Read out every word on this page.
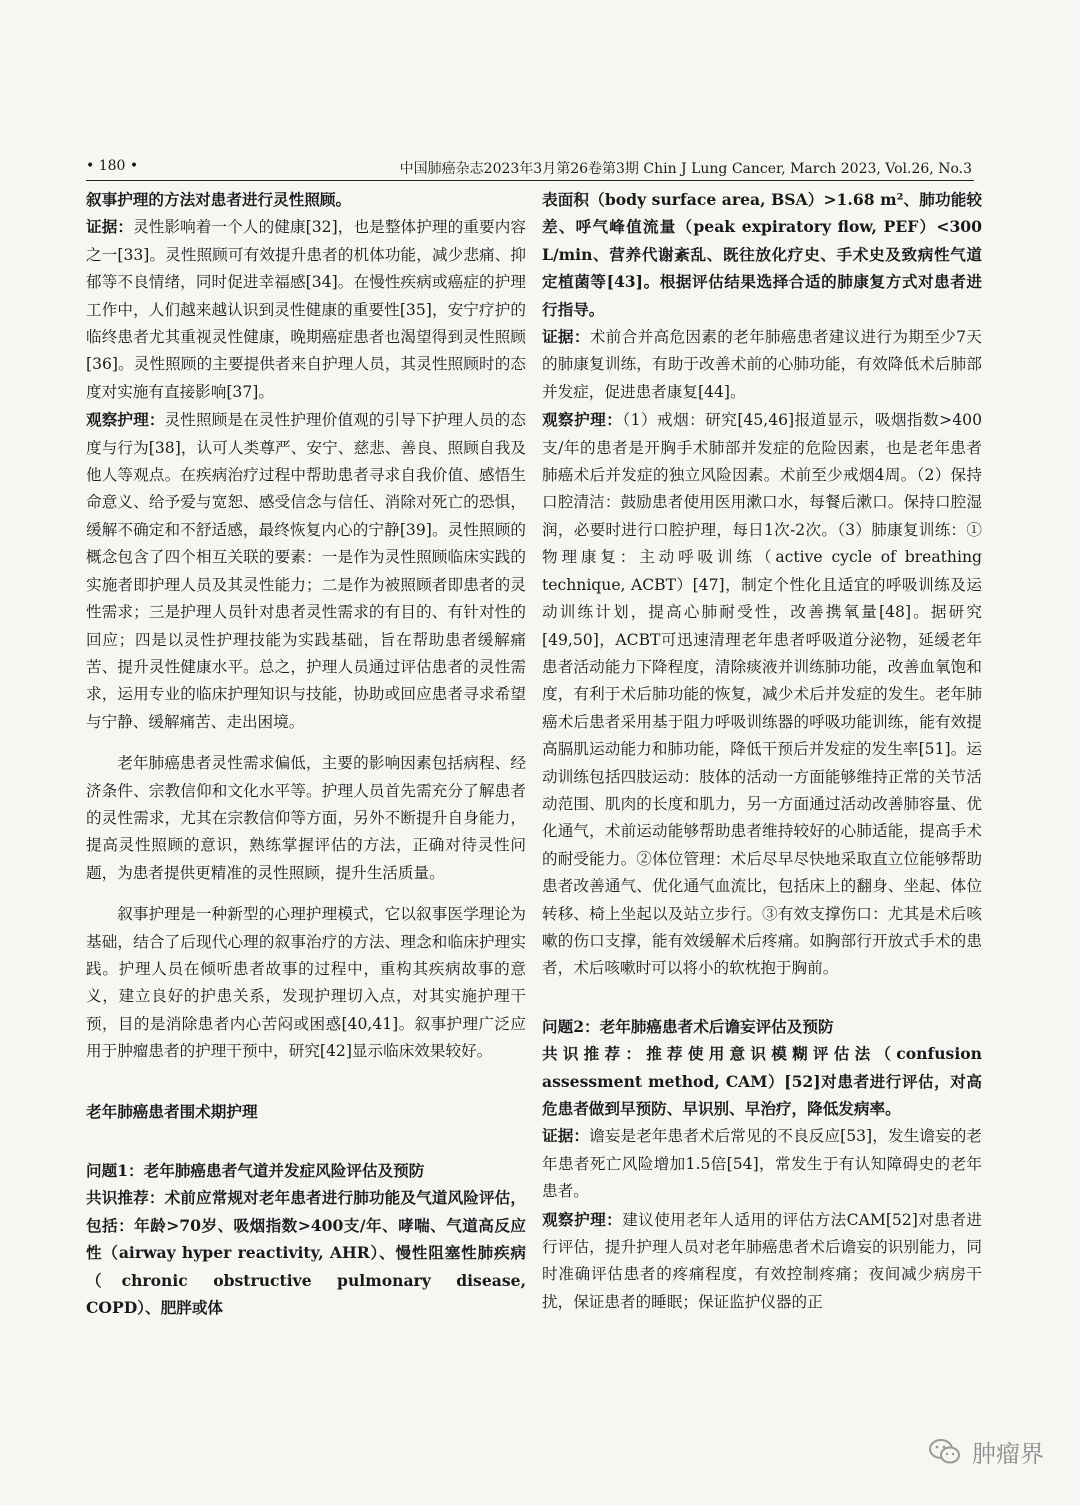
• 180 •	中国肺癌杂志2023年3月第26卷第3期 Chin J Lung Cancer, March 2023, Vol.26, No.3

叙事护理的方法对患者进行灵性照顾。

证据：灵性影响着一个人的健康[32]，也是整体护理的重要内容之一[33]。灵性照顾可有效提升患者的机体功能，减少悲痛、抑郁等不良情绪，同时促进幸福感[34]。在慢性疾病或癌症的护理工作中，人们越来越认识到灵性健康的重要性[35]，安宁疗护的临终患者尤其重视灵性健康，晚期癌症患者也渴望得到灵性照顾[36]。灵性照顾的主要提供者来自护理人员，其灵性照顾时的态度对实施有直接影响[37]。

观察护理：灵性照顾是在灵性护理价值观的引导下护理人员的态度与行为[38]，认可人类尊严、安宁、慈悲、善良、照顾自我及他人等观点。在疾病治疗过程中帮助患者寻求自我价值、感悟生命意义、给予爱与宽恕、感受信念与信任、消除对死亡的恐惧，缓解不确定和不舒适感，最终恢复内心的宁静[39]。灵性照顾的概念包含了四个相互关联的要素：一是作为灵性照顾临床实践的实施者即护理人员及其灵性能力；二是作为被照顾者即患者的灵性需求；三是护理人员针对患者灵性需求的有目的、有针对性的回应；四是以灵性护理技能为实践基础，旨在帮助患者缓解痛苦、提升灵性健康水平。总之，护理人员通过评估患者的灵性需求，运用专业的临床护理知识与技能，协助或回应患者寻求希望与宁静、缓解痛苦、走出困境。

老年肺癌患者灵性需求偏低，主要的影响因素包括病程、经济条件、宗教信仰和文化水平等。护理人员首先需充分了解患者的灵性需求，尤其在宗教信仰等方面，另外不断提升自身能力，提高灵性照顾的意识，熟练掌握评估的方法，正确对待灵性问题，为患者提供更精准的灵性照顾，提升生活质量。

叙事护理是一种新型的心理护理模式，它以叙事医学理论为基础，结合了后现代心理的叙事治疗的方法、理念和临床护理实践。护理人员在倾听患者故事的过程中，重构其疾病故事的意义，建立良好的护患关系，发现护理切入点，对其实施护理干预，目的是消除患者内心苦闷或困惑[40,41]。叙事护理广泛应用于肿瘤患者的护理干预中，研究[42]显示临床效果较好。

老年肺癌患者围术期护理

问题1：老年肺癌患者气道并发症风险评估及预防

共识推荐：术前应常规对老年患者进行肺功能及气道风险评估，包括：年龄>70岁、吸烟指数>400支/年、哮喘、气道高反应性（airway hyper reactivity, AHR）、慢性阻塞性肺疾病（chronic obstructive pulmonary disease, COPD）、肥胖或体

表面积（body surface area, BSA）>1.68 m²、肺功能较差、呼气峰值流量（peak expiratory flow, PEF）<300 L/min、营养代谢紊乱、既往放化疗史、手术史及致病性气道定植菌等[43]。根据评估结果选择合适的肺康复方式对患者进行指导。

证据：术前合并高危因素的老年肺癌患者建议进行为期至少7天的肺康复训练，有助于改善术前的心肺功能，有效降低术后肺部并发症，促进患者康复[44]。

观察护理：（1）戒烟：研究[45,46]报道显示，吸烟指数>400支/年的患者是开胸手术肺部并发症的危险因素，也是老年患者肺癌术后并发症的独立风险因素。术前至少戒烟4周。（2）保持口腔清洁：鼓励患者使用医用漱口水，每餐后漱口。保持口腔湿润，必要时进行口腔护理，每日1次-2次。（3）肺康复训练：①物理康复：主动呼吸训练（active cycle of breathing technique, ACBT）[47]，制定个性化且适宜的呼吸训练及运动训练计划，提高心肺耐受性，改善携氧量[48]。据研究[49,50]，ACBT可迅速清理老年患者呼吸道分泌物，延缓老年患者活动能力下降程度，清除痰液并训练肺功能，改善血氧饱和度，有利于术后肺功能的恢复，减少术后并发症的发生。老年肺癌术后患者采用基于阻力呼吸训练器的呼吸功能训练，能有效提高膈肌运动能力和肺功能，降低干预后并发症的发生率[51]。运动训练包括四肢运动：肢体的活动一方面能够维持正常的关节活动范围、肌肉的长度和肌力，另一方面通过活动改善肺容量、优化通气，术前运动能够帮助患者维持较好的心肺适能，提高手术的耐受能力。②体位管理：术后尽早尽快地采取直立位能够帮助患者改善通气、优化通气血流比，包括床上的翻身、坐起、体位转移、椅上坐起以及站立步行。③有效支撑伤口：尤其是术后咳嗽的伤口支撑，能有效缓解术后疼痛。如胸部行开放式手术的患者，术后咳嗽时可以将小的软枕抱于胸前。

问题2：老年肺癌患者术后谵妄评估及预防

共识推荐：推荐使用意识模糊评估法（confusion assessment method, CAM）[52]对患者进行评估，对高危患者做到早预防、早识别、早治疗，降低发病率。

证据：谵妄是老年患者术后常见的不良反应[53]，发生谵妄的老年患者死亡风险增加1.5倍[54]，常发生于有认知障碍史的老年患者。

观察护理：建议使用老年人适用的评估方法CAM[52]对患者进行评估，提升护理人员对老年肺癌患者术后谵妄的识别能力，同时准确评估患者的疼痛程度，有效控制疼痛；夜间减少病房干扰，保证患者的睡眠；保证监护仪器的正

肿瘤界
